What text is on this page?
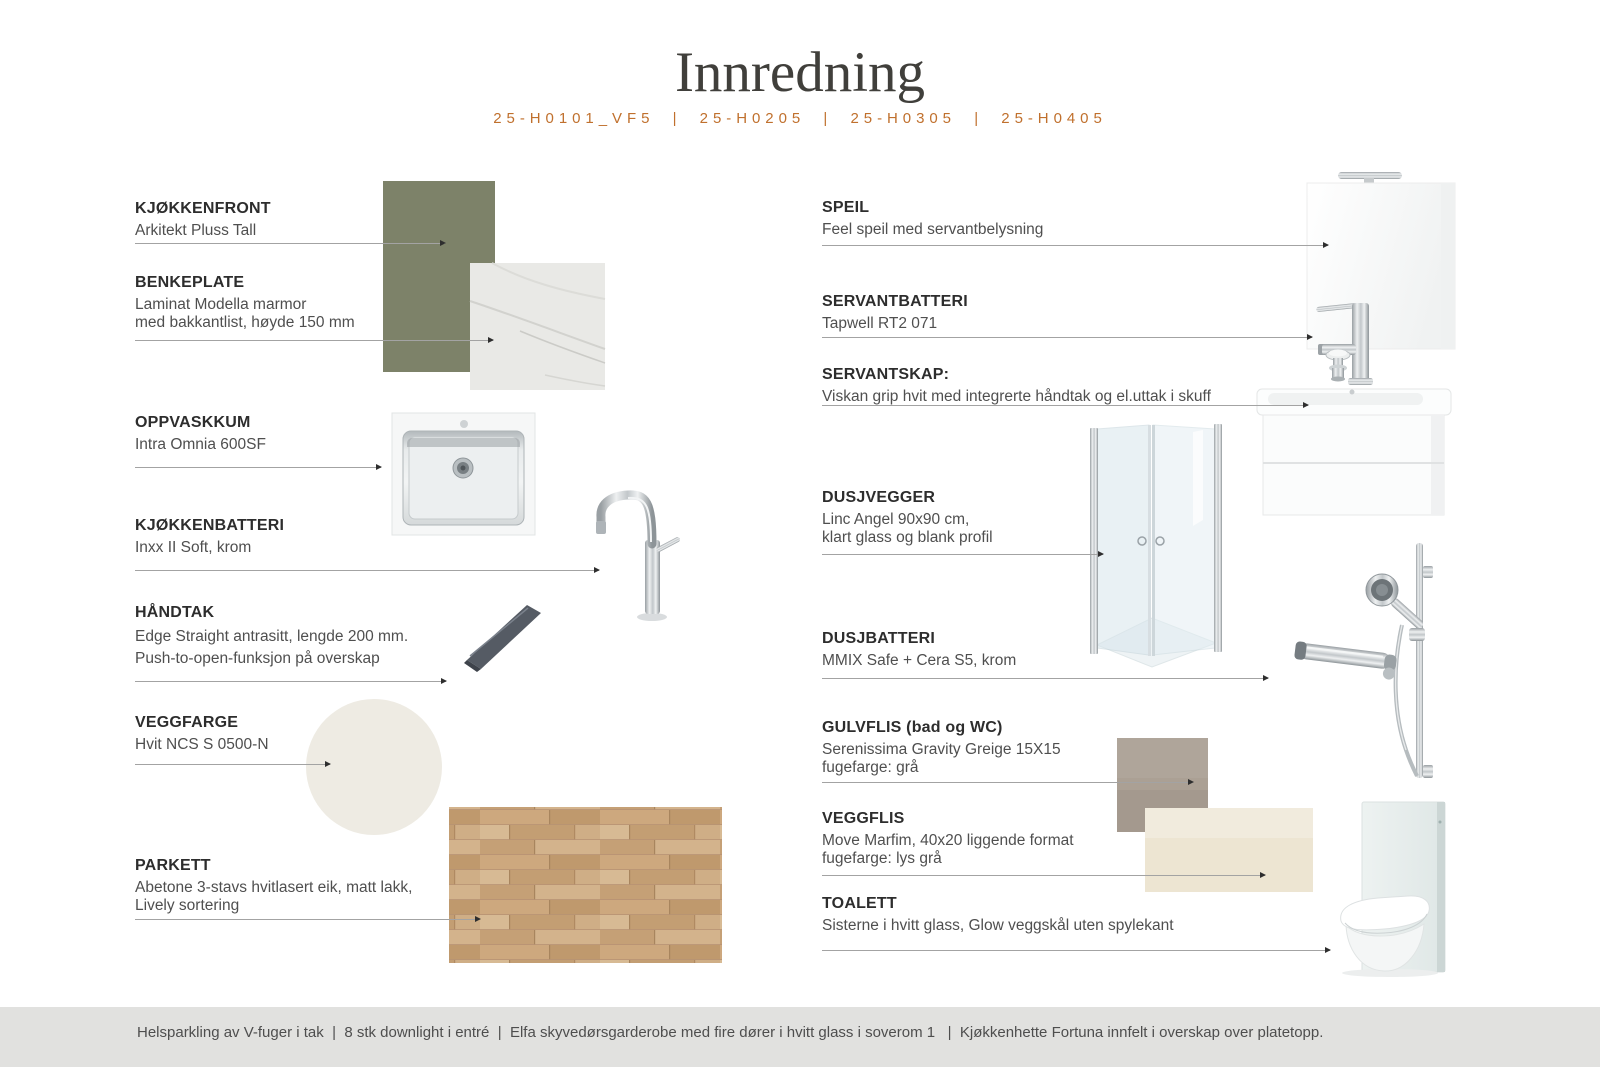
Innredning
25-H0101_VF5  |  25-H0205  |  25-H0305  |  25-H0405
KJØKKENFRONT

Arkitekt Pluss Tall

BENKEPLATE

Laminat Modella marmor

med bakkantlist, høyde 150 mm

OPPVASKKUM

Intra Omnia 600SF

KJØKKENBATTERI

Inxx II Soft, krom

HÅNDTAK

Edge Straight antrasitt, lengde 200 mm.

Push-to-open-funksjon på overskap

VEGGFARGE

Hvit NCS S 0500-N

PARKETT

Abetone 3-stavs hvitlasert eik, matt lakk,

Lively sortering

SPEIL

Feel speil med servantbelysning

SERVANTBATTERI

Tapwell RT2 071

SERVANTSKAP:

Viskan grip hvit med integrerte håndtak og el.uttak i skuff

DUSJVEGGER

Linc Angel 90x90 cm,

klart glass og blank profil

DUSJBATTERI

MMIX Safe + Cera S5, krom

GULVFLIS (bad og WC)

Serenissima Gravity Greige 15X15

fugefarge: grå

VEGGFLIS

Move Marfim, 40x20 liggende format

fugefarge: lys grå

TOALETT

Sisterne i hvitt glass, Glow veggskål uten spylekant

Helsparkling av V-fuger i tak  |  8 stk downlight i entré  |  Elfa skyvedørsgarderobe med fire dører i hvitt glass i soverom 1   |  Kjøkkenhette Fortuna innfelt i overskap over platetopp.
